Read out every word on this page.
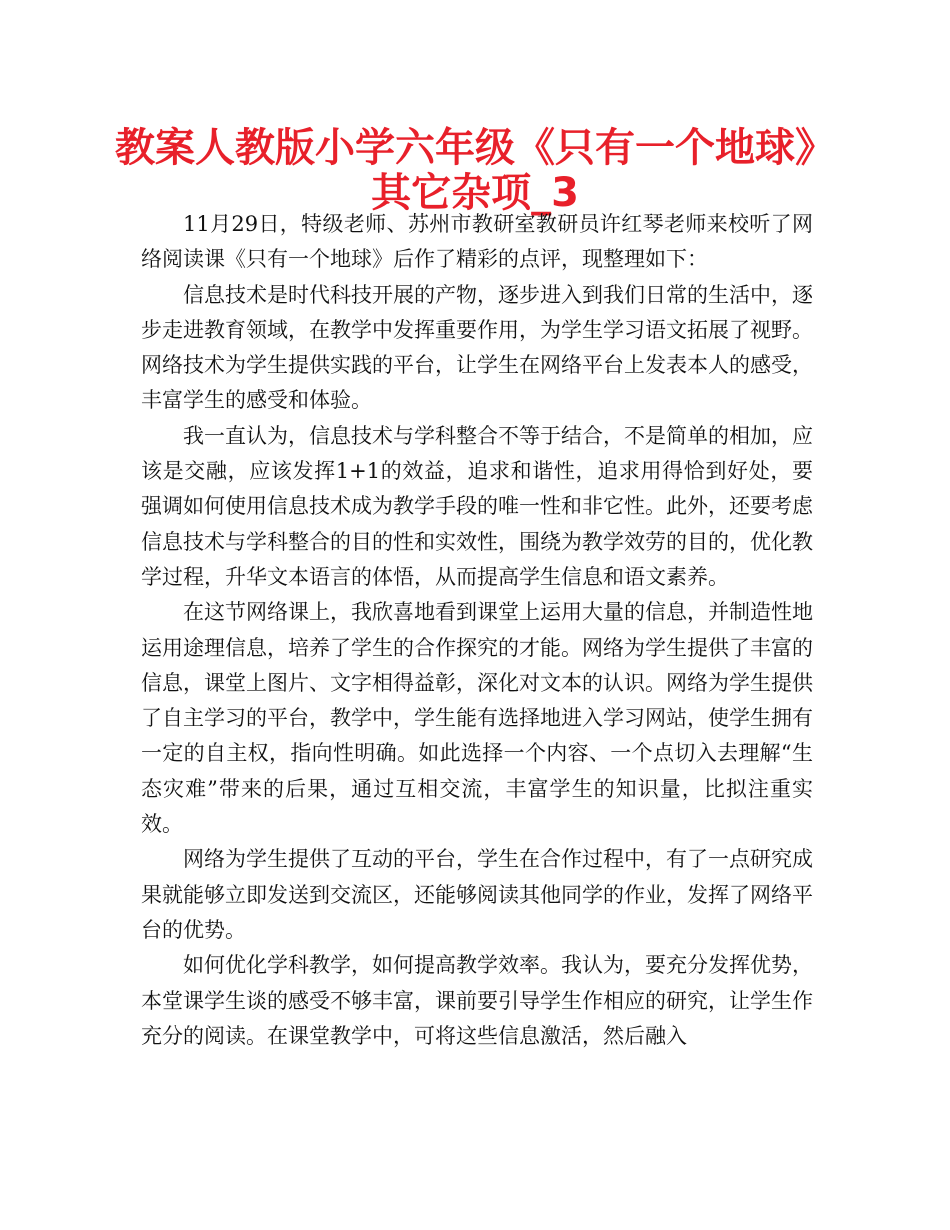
教案人教版小学六年级《只有一个地球》
其它杂项_3

11月29日，特级老师、苏州市教研室教研员许红琴老师来校听了网络阅读课《只有一个地球》后作了精彩的点评，现整理如下：

信息技术是时代科技开展的产物，逐步进入到我们日常的生活中，逐步走进教育领域，在教学中发挥重要作用，为学生学习语文拓展了视野。网络技术为学生提供实践的平台，让学生在网络平台上发表本人的感受，丰富学生的感受和体验。

我一直认为，信息技术与学科整合不等于结合，不是简单的相加，应该是交融，应该发挥1+1的效益，追求和谐性，追求用得恰到好处，要强调如何使用信息技术成为教学手段的唯一性和非它性。此外，还要考虑信息技术与学科整合的目的性和实效性，围绕为教学效劳的目的，优化教学过程，升华文本语言的体悟，从而提高学生信息和语文素养。

在这节网络课上，我欣喜地看到课堂上运用大量的信息，并制造性地运用途理信息，培养了学生的合作探究的才能。网络为学生提供了丰富的信息，课堂上图片、文字相得益彰，深化对文本的认识。网络为学生提供了自主学习的平台，教学中，学生能有选择地进入学习网站，使学生拥有一定的自主权，指向性明确。如此选择一个内容、一个点切入去理解“生态灾难”带来的后果，通过互相交流，丰富学生的知识量，比拟注重实效。

网络为学生提供了互动的平台，学生在合作过程中，有了一点研究成果就能够立即发送到交流区，还能够阅读其他同学的作业，发挥了网络平台的优势。

如何优化学科教学，如何提高教学效率。我认为，要充分发挥优势，本堂课学生谈的感受不够丰富，课前要引导学生作相应的研究，让学生作充分的阅读。在课堂教学中，可将这些信息激活，然后融入
